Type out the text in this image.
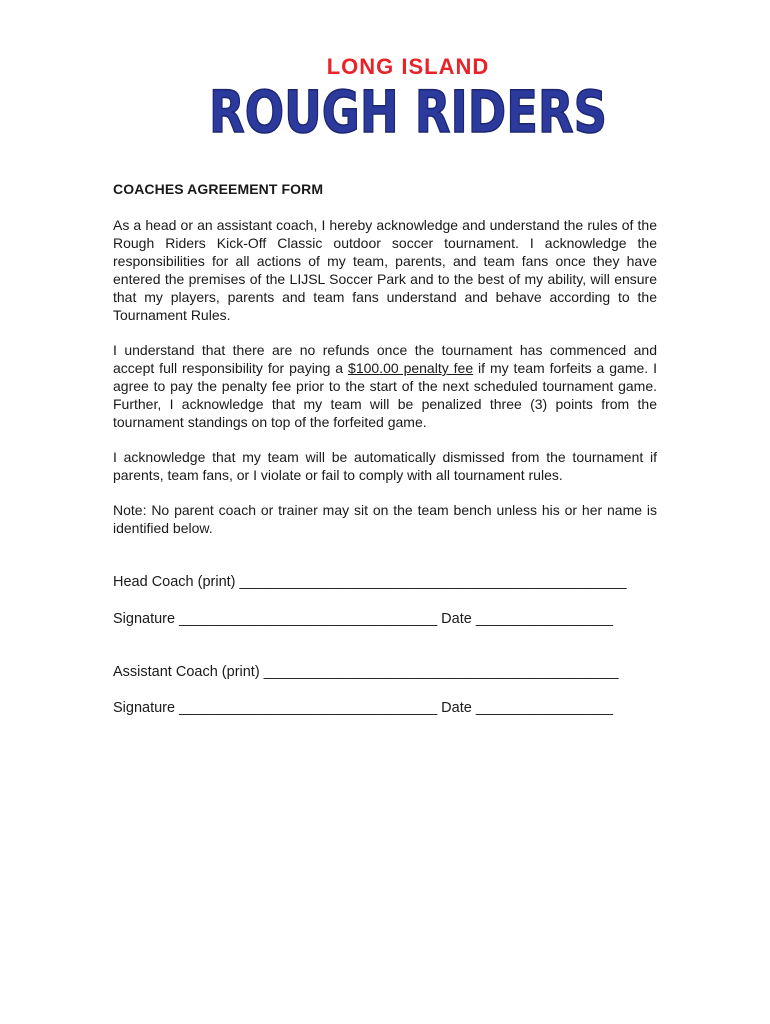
LONG ISLAND
ROUGH RIDERS
COACHES AGREEMENT FORM

As a head or an assistant coach, I hereby acknowledge and understand the rules of the Rough Riders Kick-Off Classic outdoor soccer tournament. I acknowledge the responsibilities for all actions of my team, parents, and team fans once they have entered the premises of the LIJSL Soccer Park and to the best of my ability, will ensure that my players, parents and team fans understand and behave according to the Tournament Rules.

I understand that there are no refunds once the tournament has commenced and accept full responsibility for paying a $100.00 penalty fee if my team forfeits a game. I agree to pay the penalty fee prior to the start of the next scheduled tournament game. Further, I acknowledge that my team will be penalized three (3) points from the tournament standings on top of the forfeited game.

I acknowledge that my team will be automatically dismissed from the tournament if parents, team fans, or I violate or fail to comply with all tournament rules.

Note: No parent coach or trainer may sit on the team bench unless his or her name is identified below.

Head Coach (print) ________________________________________________
Signature ________________________________ Date _________________
Assistant Coach (print) ____________________________________________
Signature ________________________________ Date _________________
